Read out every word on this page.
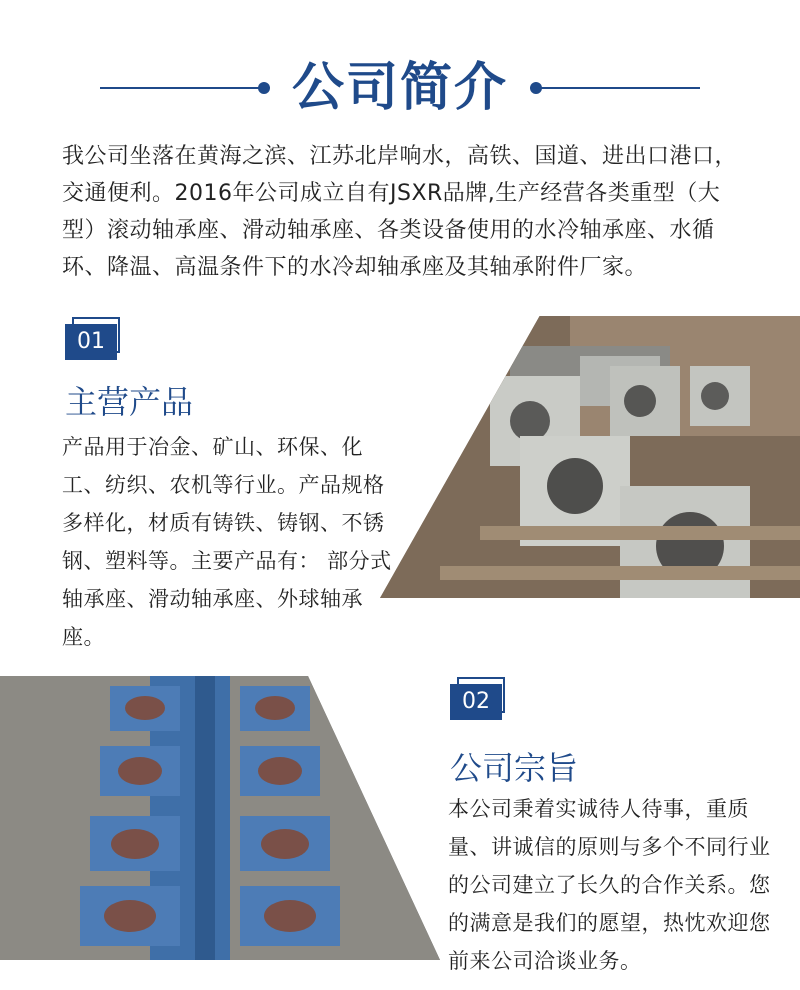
公司简介
我公司坐落在黄海之滨、江苏北岸响水，高铁、国道、进出口港口，交通便利。2016年公司成立自有JSXR品牌,生产经营各类重型（大型）滚动轴承座、滑动轴承座、各类设备使用的水冷轴承座、水循环、降温、高温条件下的水冷却轴承座及其轴承附件厂家。
01
主营产品
产品用于冶金、矿山、环保、化工、纺织、农机等行业。产品规格多样化，材质有铸铁、铸钢、不锈钢、塑料等。主要产品有： 部分式轴承座、滑动轴承座、外球轴承座。
02
公司宗旨
本公司秉着实诚待人待事，重质量、讲诚信的原则与多个不同行业的公司建立了长久的合作关系。您的满意是我们的愿望，热忱欢迎您前来公司洽谈业务。
